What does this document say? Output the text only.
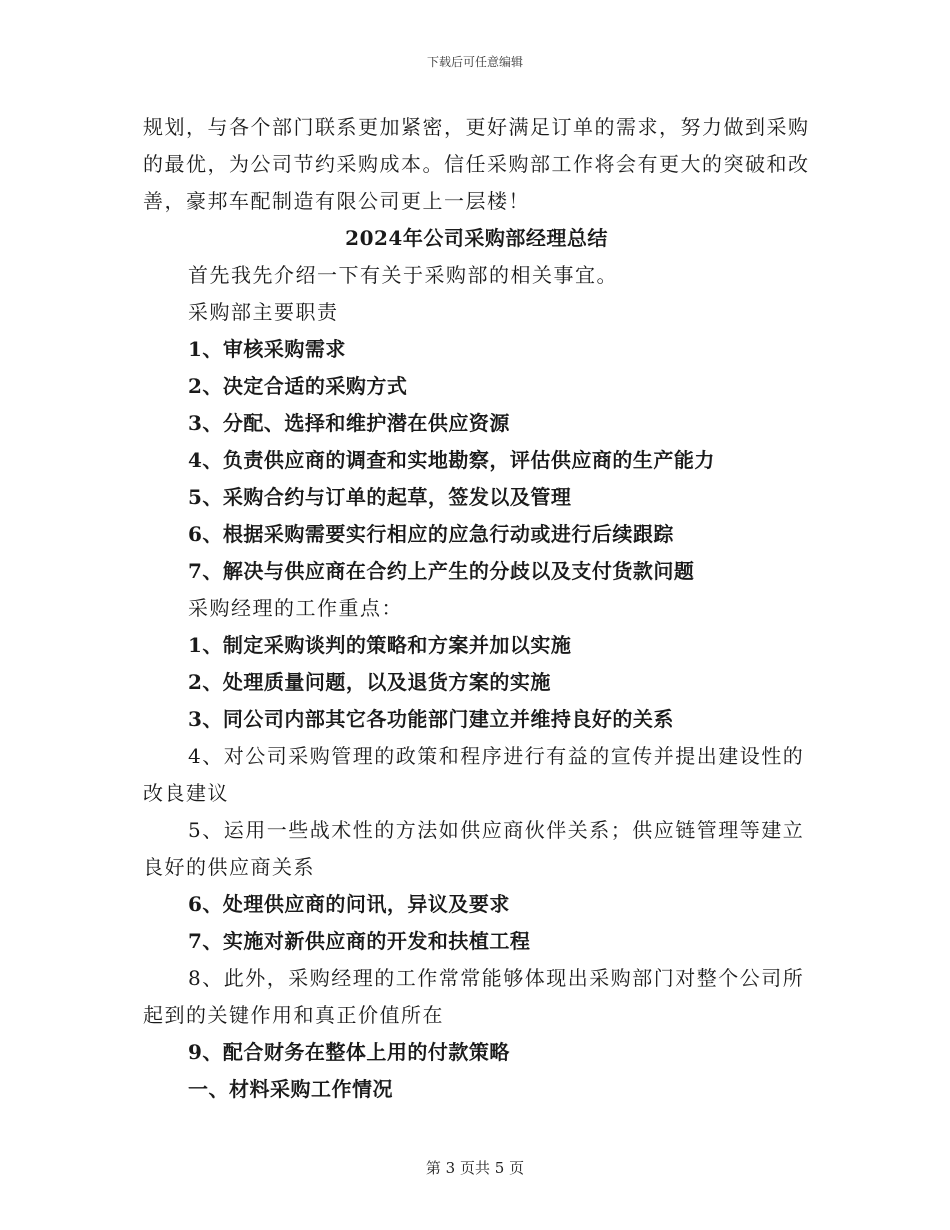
下载后可任意编辑
规划，与各个部门联系更加紧密，更好满足订单的需求，努力做到采购的最优，为公司节约采购成本。信任采购部工作将会有更大的突破和改善，豪邦车配制造有限公司更上一层楼！
2024年公司采购部经理总结
首先我先介绍一下有关于采购部的相关事宜。
采购部主要职责
1、审核采购需求
2、决定合适的采购方式
3、分配、选择和维护潜在供应资源
4、负责供应商的调查和实地勘察，评估供应商的生产能力
5、采购合约与订单的起草，签发以及管理
6、根据采购需要实行相应的应急行动或进行后续跟踪
7、解决与供应商在合约上产生的分歧以及支付货款问题
采购经理的工作重点：
1、制定采购谈判的策略和方案并加以实施
2、处理质量问题，以及退货方案的实施
3、同公司内部其它各功能部门建立并维持良好的关系
4、对公司采购管理的政策和程序进行有益的宣传并提出建设性的改良建议
5、运用一些战术性的方法如供应商伙伴关系；供应链管理等建立良好的供应商关系
6、处理供应商的问讯，异议及要求
7、实施对新供应商的开发和扶植工程
8、此外，采购经理的工作常常能够体现出采购部门对整个公司所起到的关键作用和真正价值所在
9、配合财务在整体上用的付款策略
一、材料采购工作情况
第 3 页共 5 页
